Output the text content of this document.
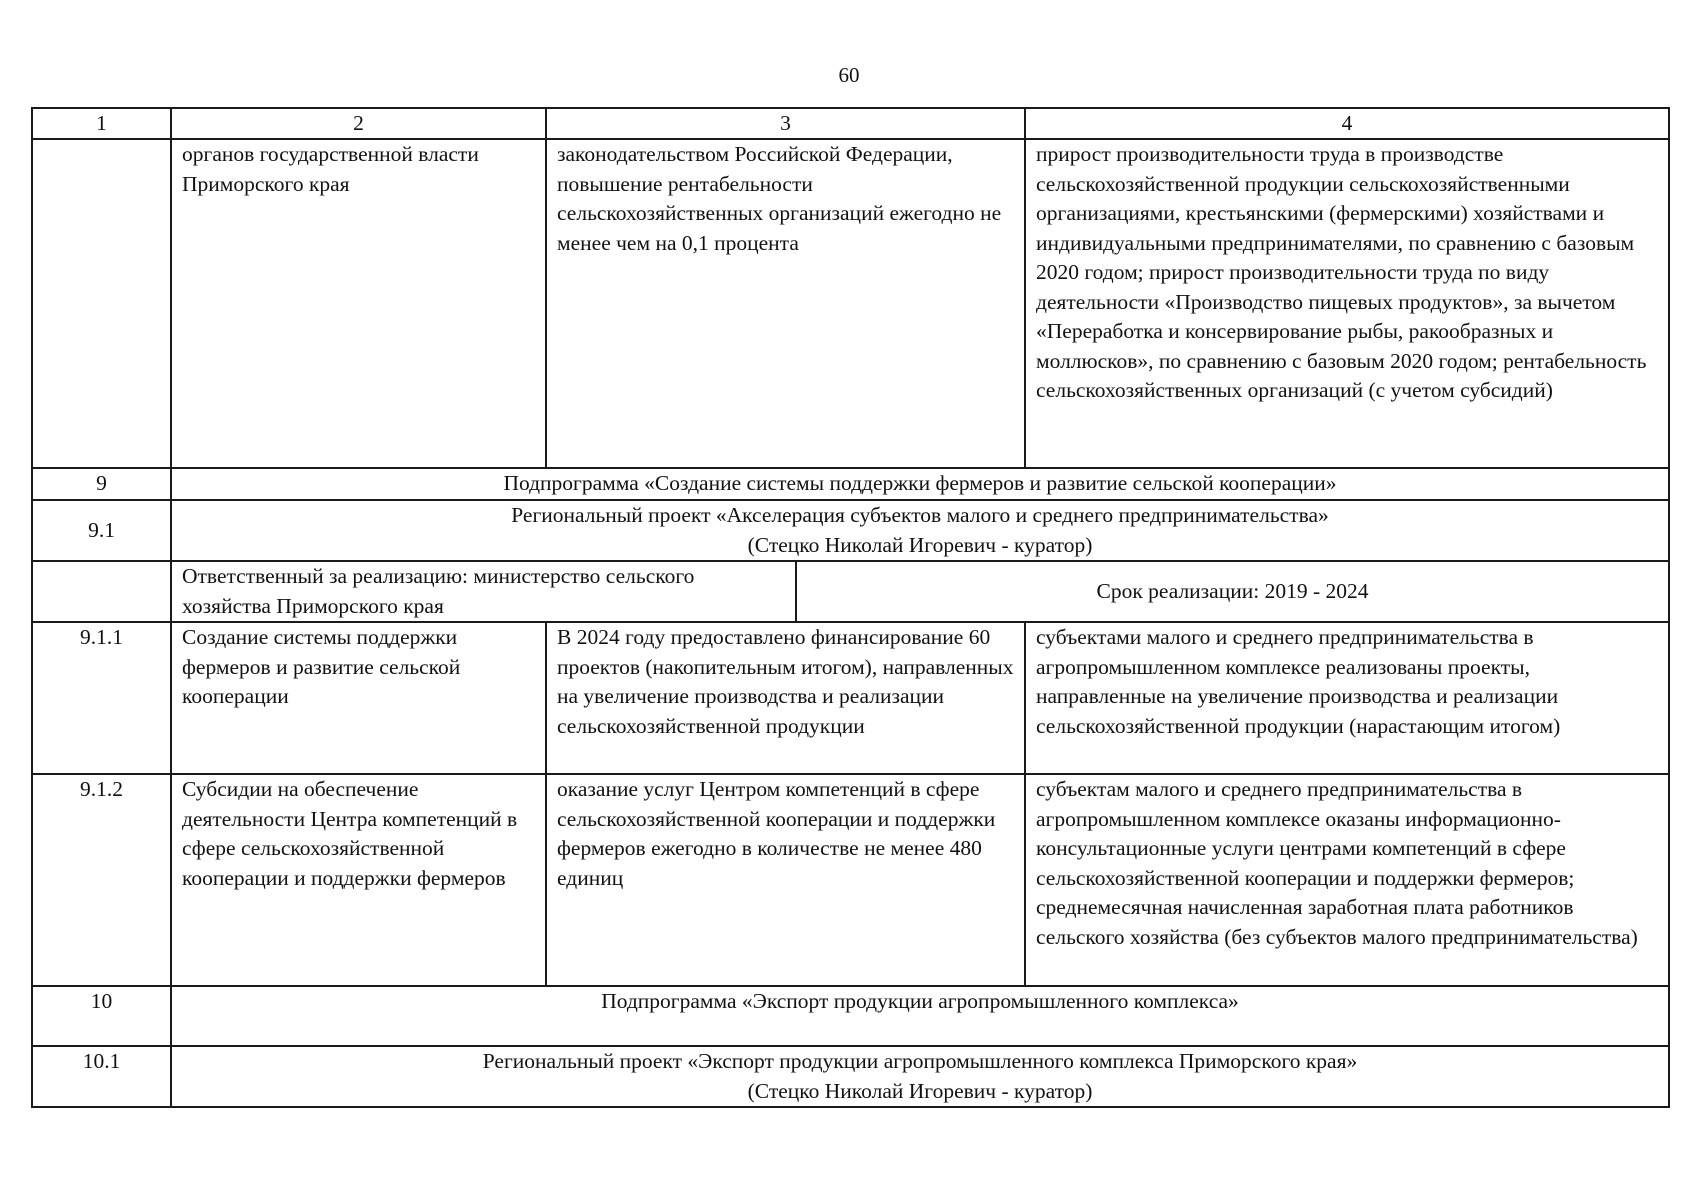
60
1	2	3		4
	органов государственной власти Приморского края	законодательством Российской Федерации, повышение рентабельности сельскохозяйственных организаций ежегодно не менее чем на 0,1 процента		прирост производительности труда в производстве сельскохозяйственной продукции сельскохозяйственными организациями, крестьянскими (фермерскими) хозяйствами и индивидуальными предпринимателями, по сравнению с базовым 2020 годом; прирост производительности труда по виду деятельности «Производство пищевых продуктов», за вычетом «Переработка и консервирование рыбы, ракообразных и моллюсков», по сравнению с базовым 2020 годом; рентабельность сельскохозяйственных организаций (с учетом субсидий)
9	Подпрограмма «Создание системы поддержки фермеров и развитие сельской кооперации»			
9.1	Региональный проект «Акселерация субъектов малого и среднего предпринимательства»
(Стецко Николай Игоревич - куратор)			

	Ответственный за реализацию: министерство сельского хозяйства Приморского края		Срок реализации: 2019 - 2024	
9.1.1	Создание системы поддержки фермеров и развитие сельской кооперации	В 2024 году предоставлено финансирование 60 проектов (накопительным итогом), направленных на увеличение производства и реализации сельскохозяйственной продукции		субъектами малого и среднего предпринимательства в агропромышленном комплексе реализованы проекты, направленные на увеличение производства и реализации сельскохозяйственной продукции (нарастающим итогом)
9.1.2	Субсидии на обеспечение деятельности Центра компетенций в сфере сельскохозяйственной кооперации и поддержки фермеров	оказание услуг Центром компетенций в сфере сельскохозяйственной кооперации и поддержки фермеров ежегодно в количестве не менее 480 единиц		субъектам малого и среднего предпринимательства в агропромышленном комплексе оказаны информационно-консультационные услуги центрами компетенций в сфере сельскохозяйственной кооперации и поддержки фермеров; среднемесячная начисленная заработная плата работников сельского хозяйства (без субъектов малого предпринимательства)
10	Подпрограмма «Экспорт продукции агропромышленного комплекса»			
10.1	Региональный проект «Экспорт продукции агропромышленного комплекса Приморского края»
(Стецко Николай Игоревич - куратор)			
